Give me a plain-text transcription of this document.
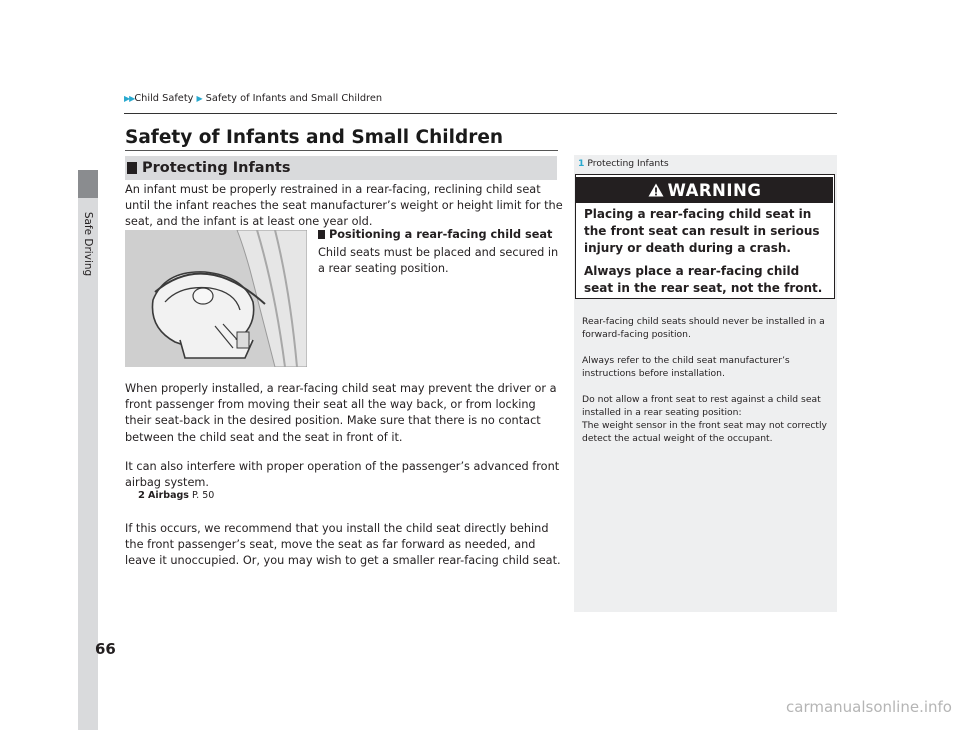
Safe Driving
66
▶▶ Child Safety ▶ Safety of Infants and Small Children
Safety of Infants and Small Children
Protecting Infants
An infant must be properly restrained in a rear-facing, reclining child seat until the infant reaches the seat manufacturer’s weight or height limit for the seat, and the infant is at least one year old.
Positioning a rear-facing child seat
Child seats must be placed and secured in a rear seating position.
When properly installed, a rear-facing child seat may prevent the driver or a front passenger from moving their seat all the way back, or from locking their seat-back in the desired position. Make sure that there is no contact between the child seat and the seat in front of it.
It can also interfere with proper operation of the passenger’s advanced front airbag system.
2 Airbags P. 50
If this occurs, we recommend that you install the child seat directly behind the front passenger’s seat, move the seat as far forward as needed, and leave it unoccupied. Or, you may wish to get a smaller rear-facing child seat.
1 Protecting Infants
WARNING
Placing a rear-facing child seat in the front seat can result in serious injury or death during a crash.
Always place a rear-facing child seat in the rear seat, not the front.
Rear-facing child seats should never be installed in a forward-facing position.
Always refer to the child seat manufacturer’s instructions before installation.
Do not allow a front seat to rest against a child seat installed in a rear seating position:
The weight sensor in the front seat may not correctly detect the actual weight of the occupant.
carmanualsonline.info
